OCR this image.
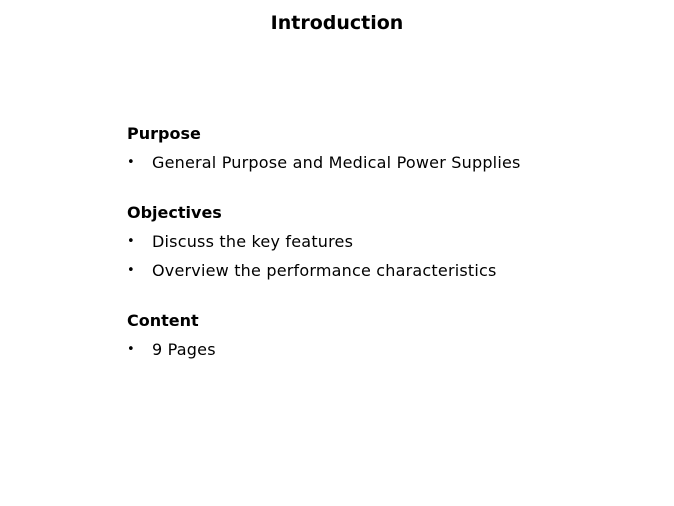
Introduction
Purpose
• General Purpose and Medical Power Supplies
Objectives
• Discuss the key features
• Overview the performance characteristics
Content
• 9 Pages
